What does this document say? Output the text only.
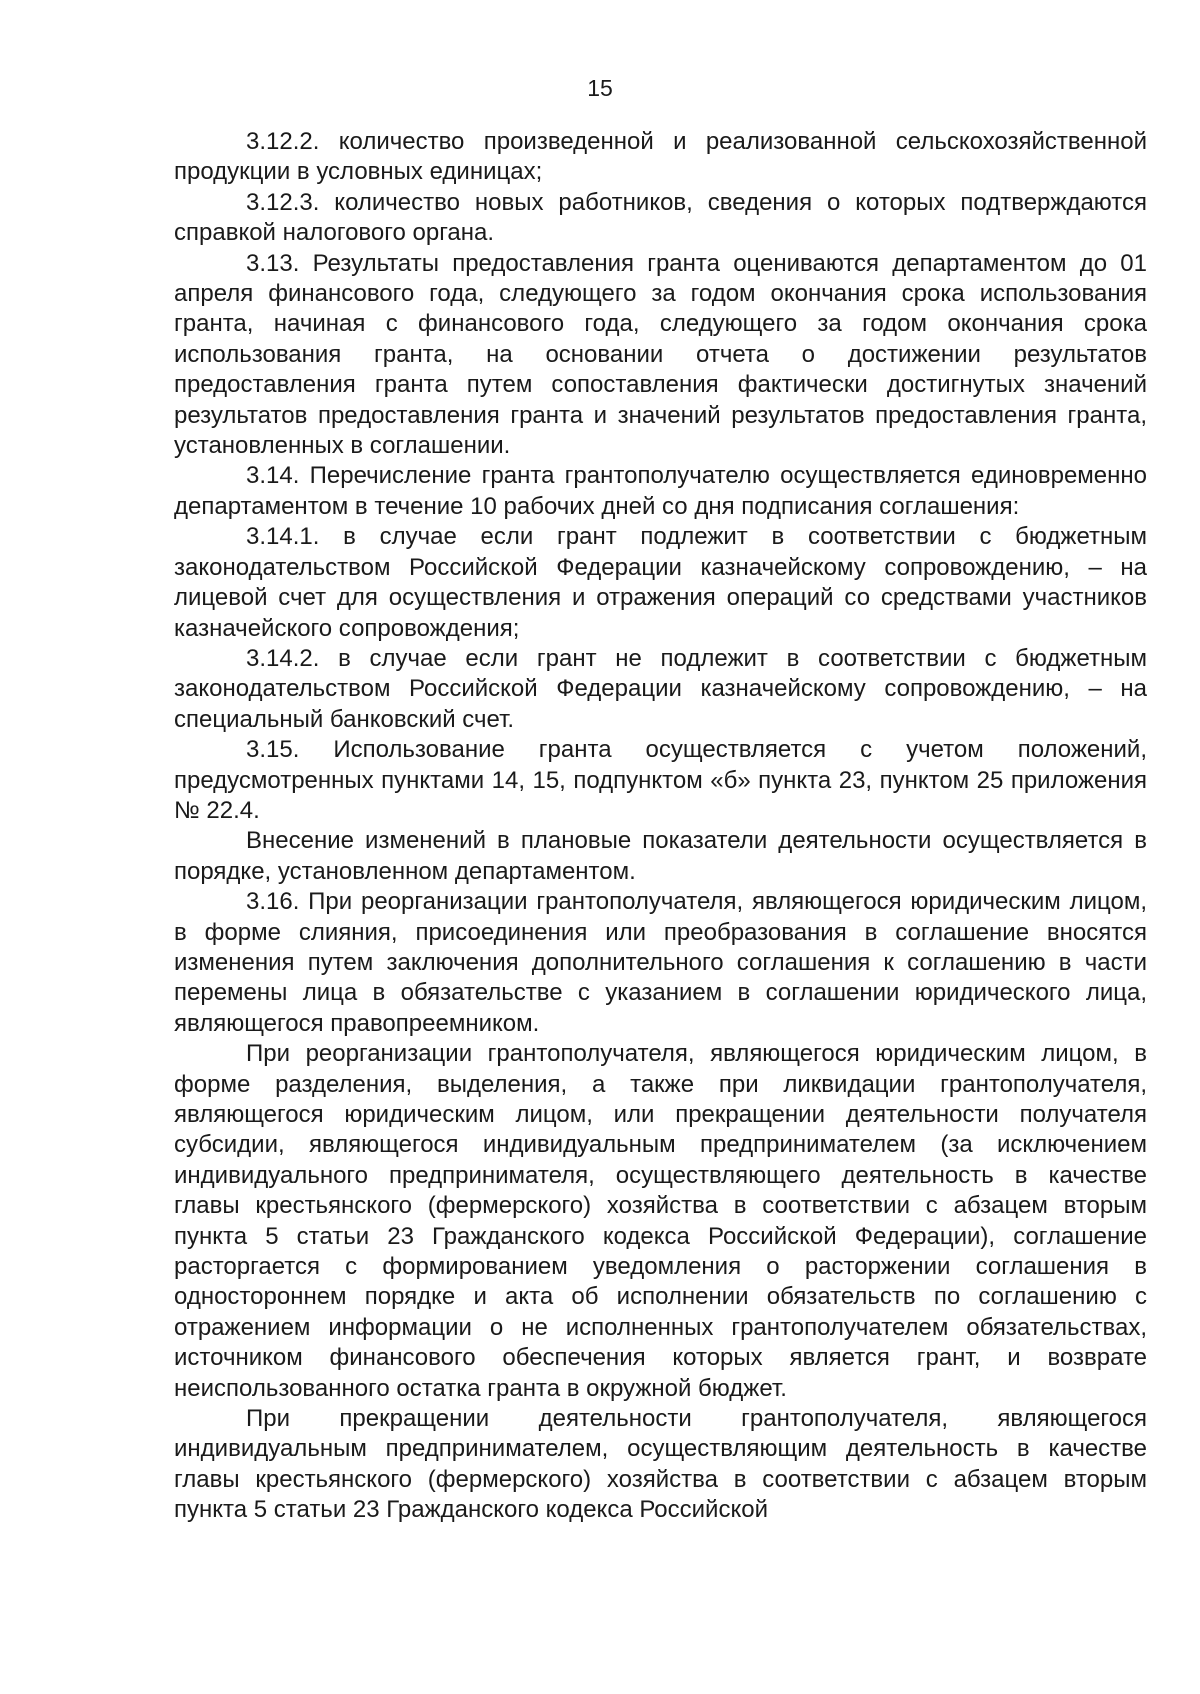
15

3.12.2. количество произведенной и реализованной сельскохозяйственной продукции в условных единицах;

3.12.3. количество новых работников, сведения о которых подтверждаются справкой налогового органа.

3.13. Результаты предоставления гранта оцениваются департаментом до 01 апреля финансового года, следующего за годом окончания срока использования гранта, начиная с финансового года, следующего за годом окончания срока использования гранта, на основании отчета о достижении результатов предоставления гранта путем сопоставления фактически достигнутых значений результатов предоставления гранта и значений результатов предоставления гранта, установленных в соглашении.

3.14. Перечисление гранта грантополучателю осуществляется единовременно департаментом в течение 10 рабочих дней со дня подписания соглашения:

3.14.1. в случае если грант подлежит в соответствии с бюджетным законодательством Российской Федерации казначейскому сопровождению, – на лицевой счет для осуществления и отражения операций со средствами участников казначейского сопровождения;

3.14.2. в случае если грант не подлежит в соответствии с бюджетным законодательством Российской Федерации казначейскому сопровождению, – на специальный банковский счет.

3.15. Использование гранта осуществляется с учетом положений, предусмотренных пунктами 14, 15, подпунктом «б» пункта 23, пунктом 25 приложения № 22.4.

Внесение изменений в плановые показатели деятельности осуществляется в порядке, установленном департаментом.

3.16. При реорганизации грантополучателя, являющегося юридическим лицом, в форме слияния, присоединения или преобразования в соглашение вносятся изменения путем заключения дополнительного соглашения к соглашению в части перемены лица в обязательстве с указанием в соглашении юридического лица, являющегося правопреемником.

При реорганизации грантополучателя, являющегося юридическим лицом, в форме разделения, выделения, а также при ликвидации грантополучателя, являющегося юридическим лицом, или прекращении деятельности получателя субсидии, являющегося индивидуальным предпринимателем (за исключением индивидуального предпринимателя, осуществляющего деятельность в качестве главы крестьянского (фермерского) хозяйства в соответствии с абзацем вторым пункта 5 статьи 23 Гражданского кодекса Российской Федерации), соглашение расторгается с формированием уведомления о расторжении соглашения в одностороннем порядке и акта об исполнении обязательств по соглашению с отражением информации о не исполненных грантополучателем обязательствах, источником финансового обеспечения которых является грант, и возврате неиспользованного остатка гранта в окружной бюджет.

При прекращении деятельности грантополучателя, являющегося индивидуальным предпринимателем, осуществляющим деятельность в качестве главы крестьянского (фермерского) хозяйства в соответствии с абзацем вторым пункта 5 статьи 23 Гражданского кодекса Российской
